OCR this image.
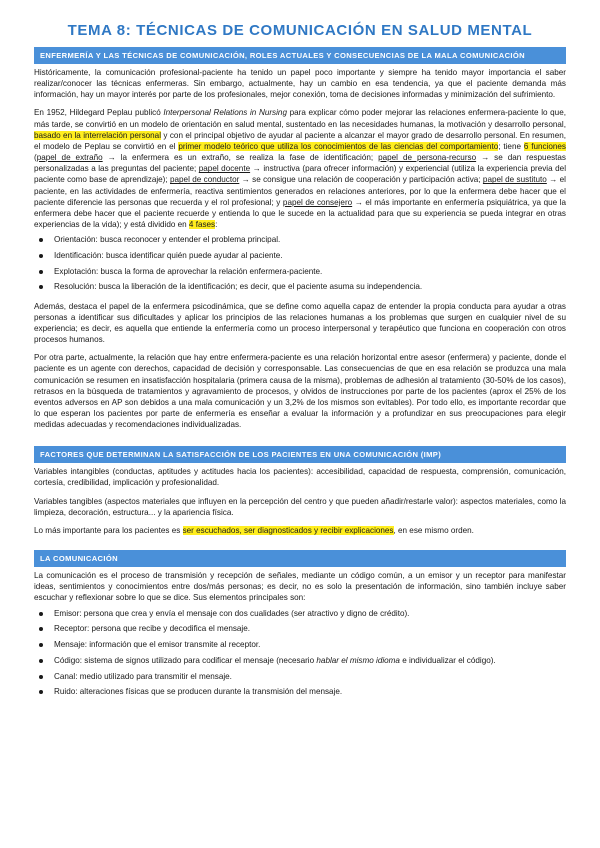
TEMA 8: TÉCNICAS DE COMUNICACIÓN EN SALUD MENTAL
ENFERMERÍA Y LAS TÉCNICAS DE COMUNICACIÓN, ROLES ACTUALES Y CONSECUENCIAS DE LA MALA COMUNICACIÓN

Históricamente, la comunicación profesional-paciente ha tenido un papel poco importante y siempre ha tenido mayor importancia el saber realizar/conocer las técnicas enfermeras. Sin embargo, actualmente, hay un cambio en esa tendencia, ya que el paciente demanda más información, hay un mayor interés por parte de los profesionales, mejor conexión, toma de decisiones informadas y minimización del sufrimiento.

En 1952, Hildegard Peplau publicó Interpersonal Relations in Nursing para explicar cómo poder mejorar las relaciones enfermera-paciente lo que, más tarde, se convirtió en un modelo de orientación en salud mental, sustentado en las necesidades humanas, la motivación y desarrollo personal, basado en la interrelación personal y con el principal objetivo de ayudar al paciente a alcanzar el mayor grado de desarrollo personal. En resumen, el modelo de Peplau se convirtió en el primer modelo teórico que utiliza los conocimientos de las ciencias del comportamiento; tiene 6 funciones (papel de extraño → la enfermera es un extraño, se realiza la fase de identificación; papel de persona-recurso → se dan respuestas personalizadas a las preguntas del paciente; papel docente → instructiva (para ofrecer información) y experiencial (utiliza la experiencia previa del paciente como base de aprendizaje); papel de conductor → se consigue una relación de cooperación y participación activa; papel de sustituto → el paciente, en las actividades de enfermería, reactiva sentimientos generados en relaciones anteriores, por lo que la enfermera debe hacer que el paciente diferencie las personas que recuerda y el rol profesional; y papel de consejero → el más importante en enfermería psiquiátrica, ya que la enfermera debe hacer que el paciente recuerde y entienda lo que le sucede en la actualidad para que su experiencia se pueda integrar en otras experiencias de la vida); y está dividido en 4 fases:

Orientación: busca reconocer y entender el problema principal.
Identificación: busca identificar quién puede ayudar al paciente.
Explotación: busca la forma de aprovechar la relación enfermera-paciente.
Resolución: busca la liberación de la identificación; es decir, que el paciente asuma su independencia.

Además, destaca el papel de la enfermera psicodinámica, que se define como aquella capaz de entender la propia conducta para ayudar a otras personas a identificar sus dificultades y aplicar los principios de las relaciones humanas a los problemas que surgen en cualquier nivel de su experiencia; es decir, es aquella que entiende la enfermería como un proceso interpersonal y terapéutico que funciona en cooperación con otros procesos humanos.

Por otra parte, actualmente, la relación que hay entre enfermera-paciente es una relación horizontal entre asesor (enfermera) y paciente, donde el paciente es un agente con derechos, capacidad de decisión y corresponsable. Las consecuencias de que en esa relación se produzca una mala comunicación se resumen en insatisfacción hospitalaria (primera causa de la misma), problemas de adhesión al tratamiento (30-50% de los casos), retrasos en la búsqueda de tratamientos y agravamiento de procesos, y olvidos de instrucciones por parte de los pacientes (aprox el 25% de los eventos adversos en AP son debidos a una mala comunicación y un 3,2% de los mismos son evitables). Por todo ello, es importante recordar que lo que esperan los pacientes por parte de enfermería es enseñar a evaluar la información y a profundizar en sus preocupaciones para elegir medidas adecuadas y recomendaciones individualizadas.

FACTORES QUE DETERMINAN LA SATISFACCIÓN DE LOS PACIENTES EN UNA COMUNICACIÓN (IMP)

Variables intangibles (conductas, aptitudes y actitudes hacia los pacientes): accesibilidad, capacidad de respuesta, comprensión, comunicación, cortesía, credibilidad, implicación y profesionalidad.

Variables tangibles (aspectos materiales que influyen en la percepción del centro y que pueden añadir/restarle valor): aspectos materiales, como la limpieza, decoración, estructura... y la apariencia física.

Lo más importante para los pacientes es ser escuchados, ser diagnosticados y recibir explicaciones, en ese mismo orden.

LA COMUNICACIÓN

La comunicación es el proceso de transmisión y recepción de señales, mediante un código común, a un emisor y un receptor para manifestar ideas, sentimientos y conocimientos entre dos/más personas; es decir, no es solo la presentación de información, sino también incluye saber escuchar y reflexionar sobre lo que se dice. Sus elementos principales son:

Emisor: persona que crea y envía el mensaje con dos cualidades (ser atractivo y digno de crédito).
Receptor: persona que recibe y decodifica el mensaje.
Mensaje: información que el emisor transmite al receptor.
Código: sistema de signos utilizado para codificar el mensaje (necesario hablar el mismo idioma e individualizar el código).
Canal: medio utilizado para transmitir el mensaje.
Ruido: alteraciones físicas que se producen durante la transmisión del mensaje.
